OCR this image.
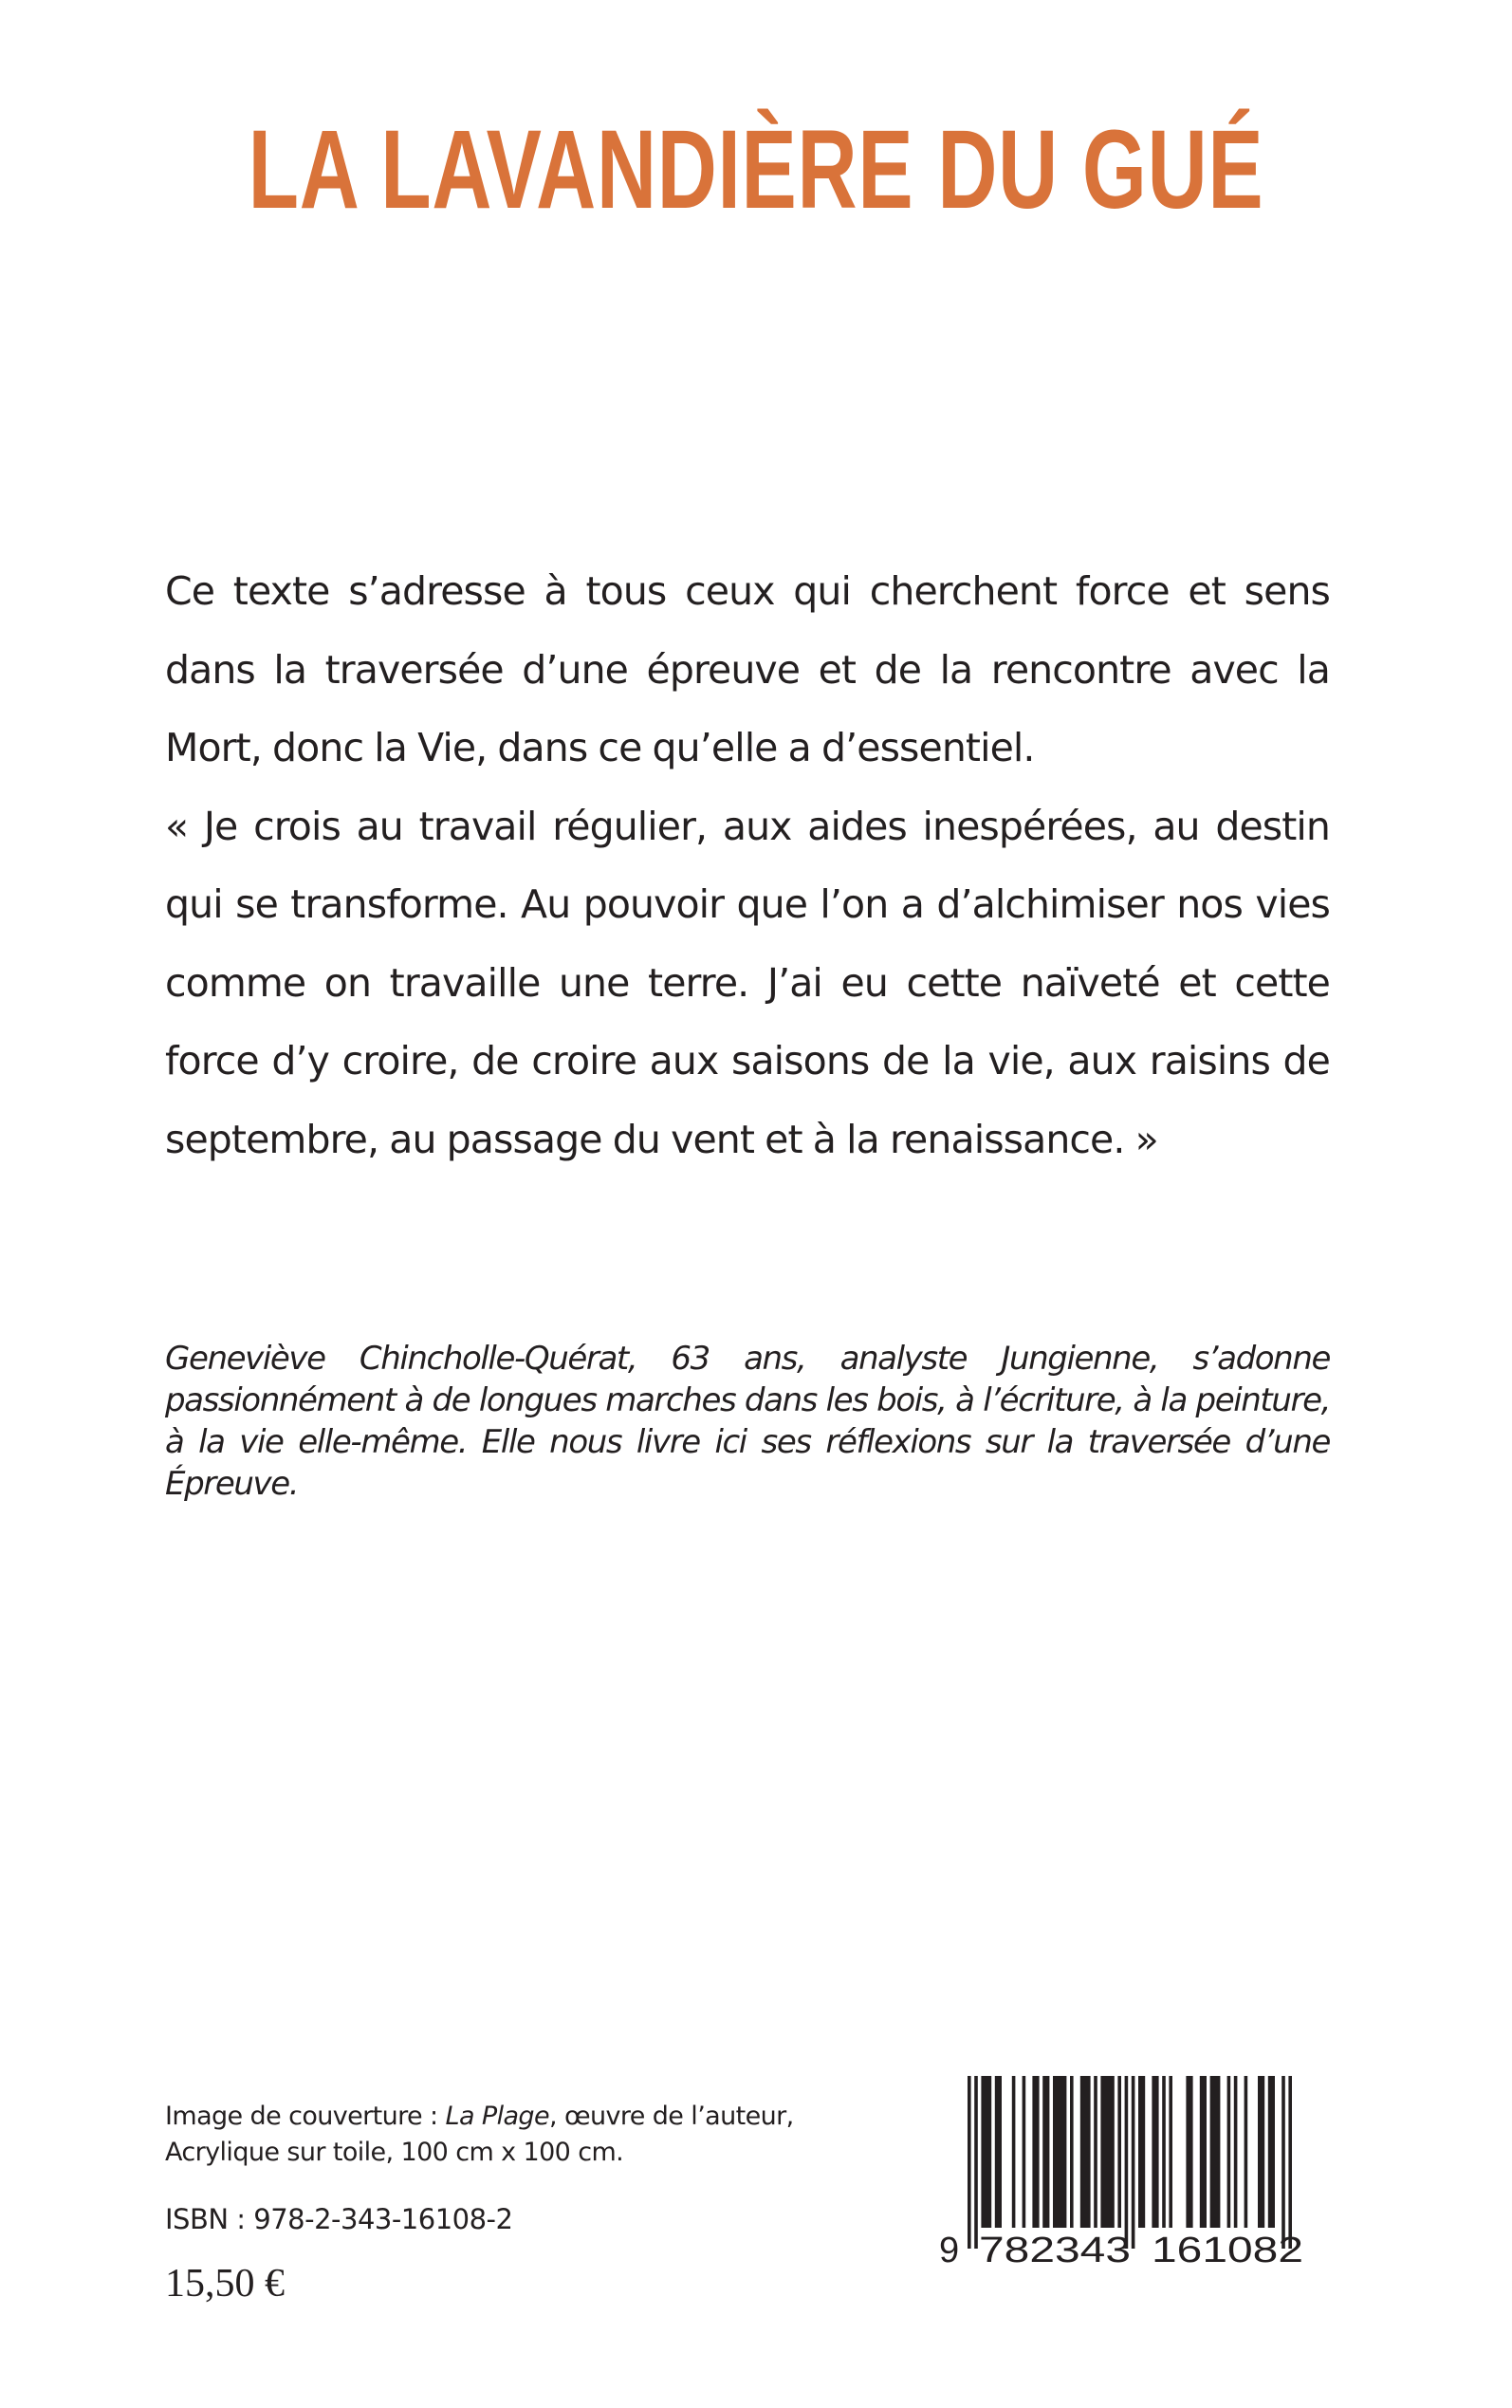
LA LAVANDIÈRE DU GUÉ

Ce texte s’adresse à tous ceux qui cherchent force et sens dans la traversée d’une épreuve et de la rencontre avec la Mort, donc la Vie, dans ce qu’elle a d’essentiel.

« Je crois au travail régulier, aux aides inespérées, au destin qui se transforme. Au pouvoir que l’on a d’alchimiser nos vies comme on travaille une terre. J’ai eu cette naïveté et cette force d’y croire, de croire aux saisons de la vie, aux raisins de septembre, au passage du vent et à la renaissance. »

Geneviève Chincholle-Quérat, 63 ans, analyste Jungienne, s’adonne passionnément à de longues marches dans les bois, à l’écriture, à la peinture, à la vie elle-même. Elle nous livre ici ses réflexions sur la traversée d’une Épreuve.
Image de couverture : La Plage, œuvre de l’auteur,
Acrylique sur toile, 100 cm x 100 cm.
ISBN : 978-2-343-16108-2
15,50 €
9 782343 161082
